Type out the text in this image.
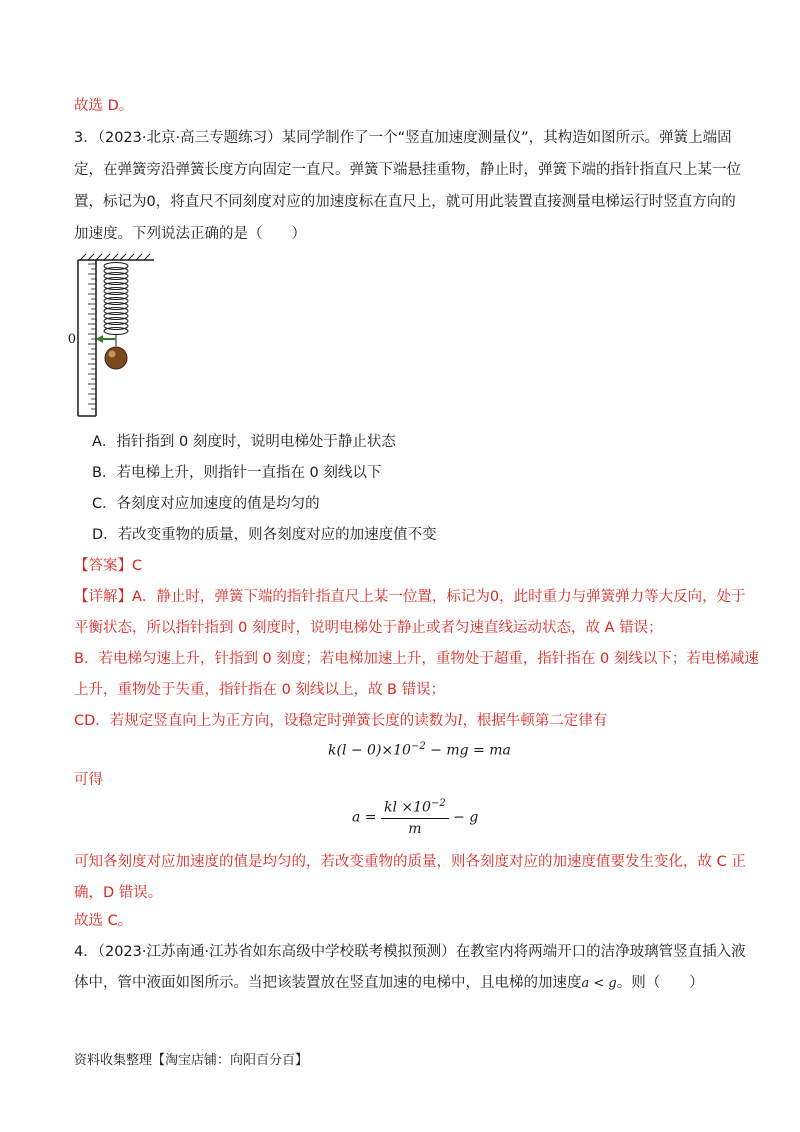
故选 D。
3．（2023·北京·高三专题练习）某同学制作了一个“竖直加速度测量仪”，其构造如图所示。弹簧上端固
定，在弹簧旁沿弹簧长度方向固定一直尺。弹簧下端悬挂重物，静止时，弹簧下端的指针指直尺上某一位
置，标记为0，将直尺不同刻度对应的加速度标在直尺上，就可用此装置直接测量电梯运行时竖直方向的
加速度。下列说法正确的是（　　）
0
A．指针指到 0 刻度时，说明电梯处于静止状态
B．若电梯上升，则指针一直指在 0 刻线以下
C．各刻度对应加速度的值是均匀的
D．若改变重物的质量，则各刻度对应的加速度值不变
【答案】C
【详解】A．静止时，弹簧下端的指针指直尺上某一位置，标记为0，此时重力与弹簧弹力等大反向，处于
平衡状态，所以指针指到 0 刻度时，说明电梯处于静止或者匀速直线运动状态，故 A 错误；
B．若电梯匀速上升，针指到 0 刻度；若电梯加速上升，重物处于超重，指针指在 0 刻线以下；若电梯减速
上升，重物处于失重，指针指在 0 刻线以上，故 B 错误；
CD．若规定竖直向上为正方向，设稳定时弹簧长度的读数为l，根据牛顿第二定律有
$k(l - 0)\times 10^{-2}$ − mg = ma
可得
$a = \frac{kl \times 10^{-2}}{m} - g$
可知各刻度对应加速度的值是均匀的，若改变重物的质量，则各刻度对应的加速度值要发生变化，故 C 正
确，D 错误。
故选 C。
4．（2023·江苏南通·江苏省如东高级中学校联考模拟预测）在教室内将两端开口的洁净玻璃管竖直插入液
体中，管中液面如图所示。当把该装置放在竖直加速的电梯中，且电梯的加速度a < g。则（　　）
资料收集整理【淘宝店铺：向阳百分百】
